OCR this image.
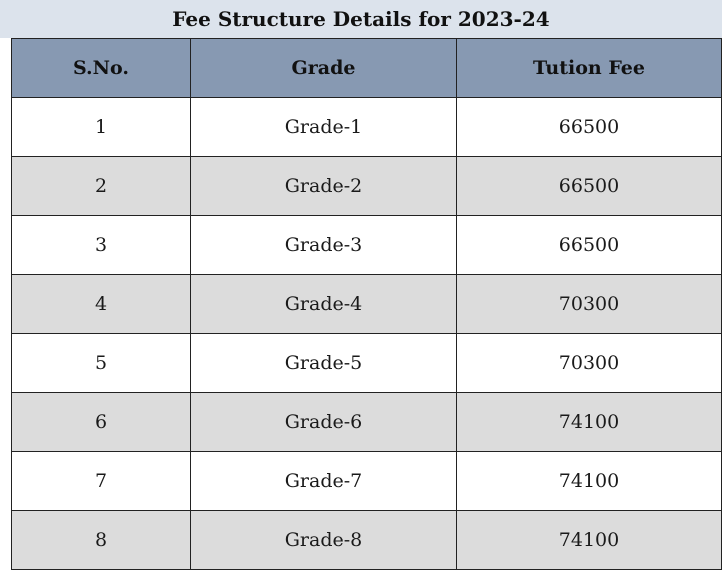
Fee Structure Details for 2023-24
S.No.	Grade	Tution Fee
1	Grade-1	66500
2	Grade-2	66500
3	Grade-3	66500
4	Grade-4	70300
5	Grade-5	70300
6	Grade-6	74100
7	Grade-7	74100
8	Grade-8	74100
